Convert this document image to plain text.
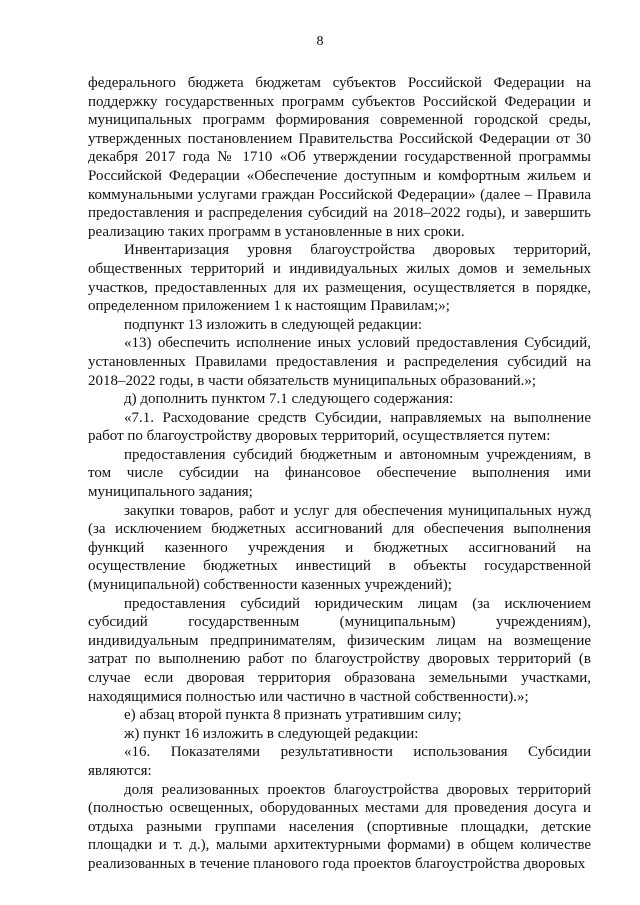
8

федерального бюджета бюджетам субъектов Российской Федерации на поддержку государственных программ субъектов Российской Федерации и муниципальных программ формирования современной городской среды, утвержденных постановлением Правительства Российской Федерации от 30 декабря 2017 года № 1710 «Об утверждении государственной программы Российской Федерации «Обеспечение доступным и комфортным жильем и коммунальными услугами граждан Российской Федерации» (далее – Правила предоставления и распределения субсидий на 2018–2022 годы), и завершить реализацию таких программ в установленные в них сроки.

Инвентаризация уровня благоустройства дворовых территорий, общественных территорий и индивидуальных жилых домов и земельных участков, предоставленных для их размещения, осуществляется в порядке, определенном приложением 1 к настоящим Правилам;»;

подпункт 13 изложить в следующей редакции:

«13) обеспечить исполнение иных условий предоставления Субсидий, установленных Правилами предоставления и распределения субсидий на 2018–2022 годы, в части обязательств муниципальных образований.»;

д) дополнить пунктом 7.1 следующего содержания:

«7.1. Расходование средств Субсидии, направляемых на выполнение работ по благоустройству дворовых территорий, осуществляется путем:

предоставления субсидий бюджетным и автономным учреждениям, в том числе субсидии на финансовое обеспечение выполнения ими муниципального задания;

закупки товаров, работ и услуг для обеспечения муниципальных нужд (за исключением бюджетных ассигнований для обеспечения выполнения функций казенного учреждения и бюджетных ассигнований на осуществление бюджетных инвестиций в объекты государственной (муниципальной) собственности казенных учреждений);

предоставления субсидий юридическим лицам (за исключением субсидий государственным (муниципальным) учреждениям), индивидуальным предпринимателям, физическим лицам на возмещение затрат по выполнению работ по благоустройству дворовых территорий (в случае если дворовая территория образована земельными участками, находящимися полностью или частично в частной собственности).»;

е) абзац второй пункта 8 признать утратившим силу;

ж) пункт 16 изложить в следующей редакции:

«16. Показателями результативности использования Субсидии являются:

доля реализованных проектов благоустройства дворовых территорий (полностью освещенных, оборудованных местами для проведения досуга и отдыха разными группами населения (спортивные площадки, детские площадки и т. д.), малыми архитектурными формами) в общем количестве реализованных в течение планового года проектов благоустройства дворовых
